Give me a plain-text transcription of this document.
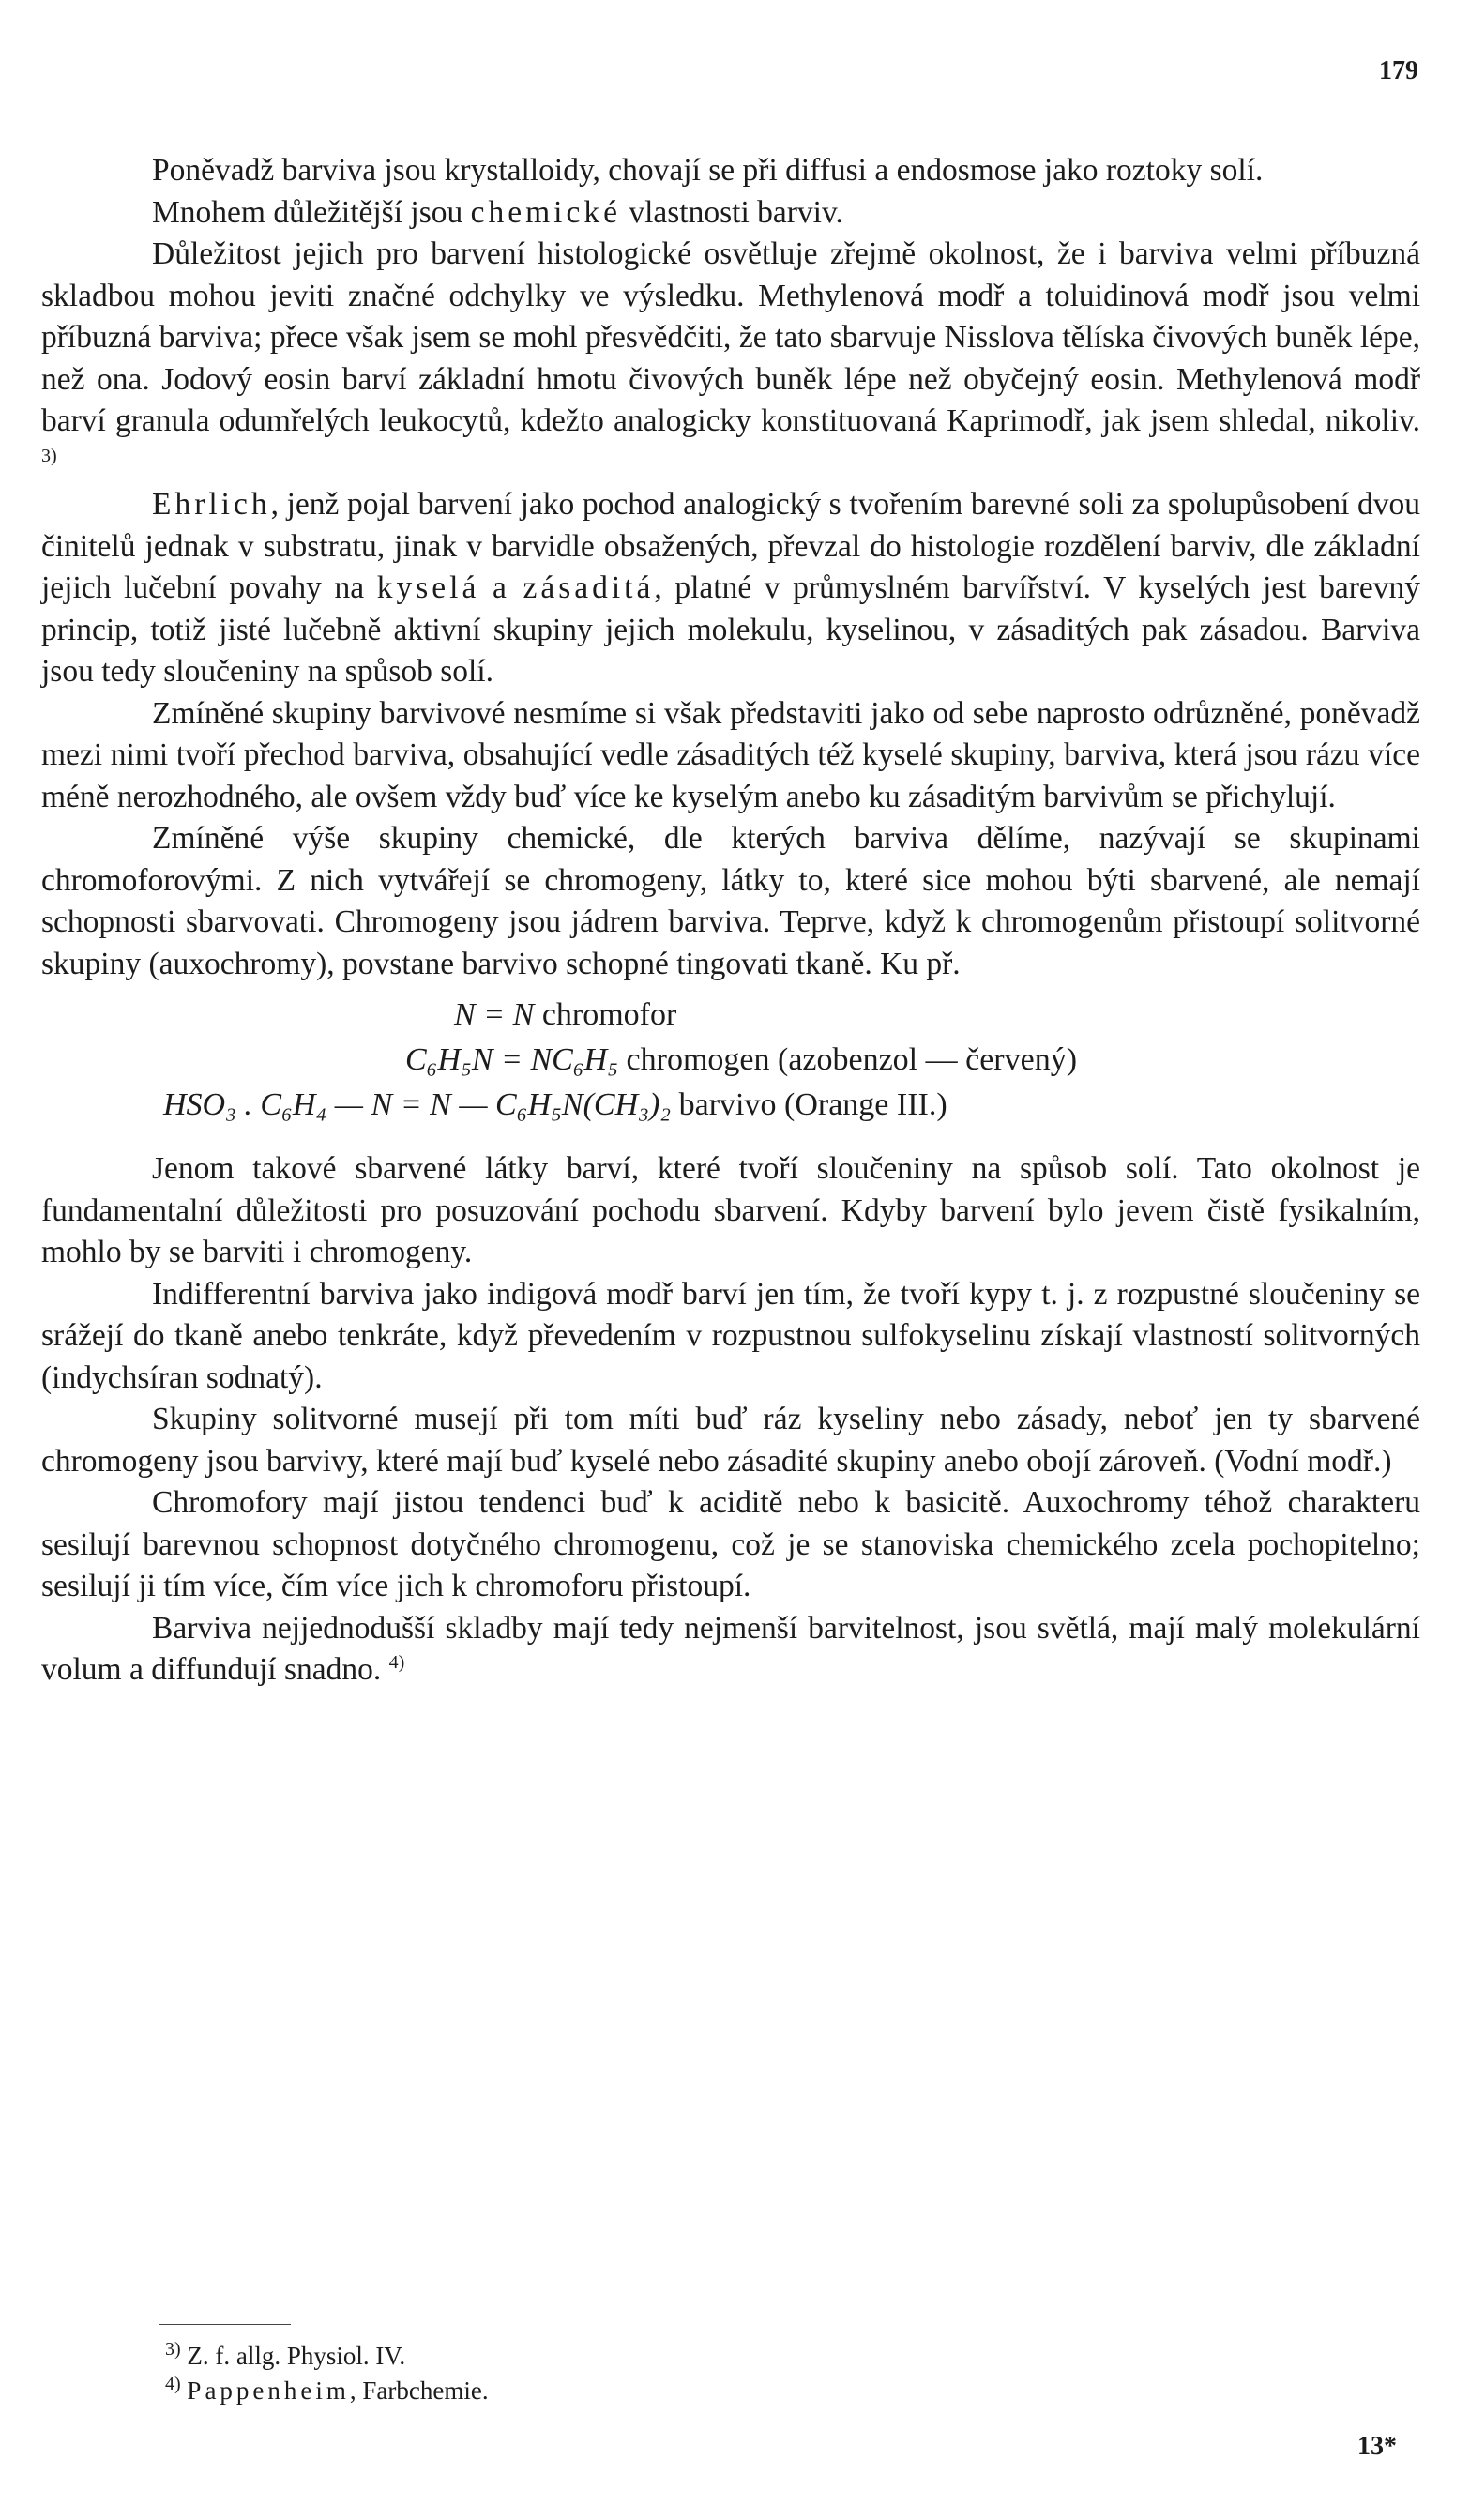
179

Poněvadž barviva jsou krystalloidy, chovají se při diffusi a endosmose jako roztoky solí.

Mnohem důležitější jsou chemické vlastnosti barviv.

Důležitost jejich pro barvení histologické osvětluje zřejmě okolnost, že i barviva velmi příbuzná skladbou mohou jeviti značné odchylky ve výsledku. Methylenová modř a toluidinová modř jsou velmi příbuzná barviva; přece však jsem se mohl přesvědčiti, že tato sbarvuje Nisslova tělíska čivových buněk lépe, než ona. Jodový eosin barví základní hmotu čivových buněk lépe než obyčejný eosin. Methylenová modř barví granula odumřelých leukocytů, kdežto analogicky konstituovaná Kaprimodř, jak jsem shledal, nikoliv. $^{3)}$

Ehrlich, jenž pojal barvení jako pochod analogický s tvořením barevné soli za spolupůsobení dvou činitelů jednak v substratu, jinak v barvidle obsažených, převzal do histologie rozdělení barviv, dle základní jejich lučební povahy na kyselá a zásaditá, platné v průmyslném barvířství. V kyselých jest barevný princip, totiž jisté lučebně aktivní skupiny jejich molekulu, kyselinou, v zásaditých pak zásadou. Barviva jsou tedy sloučeniny na spůsob solí.

Zmíněné skupiny barvivové nesmíme si však představiti jako od sebe naprosto odrůzněné, poněvadž mezi nimi tvoří přechod barviva, obsahující vedle zásaditých též kyselé skupiny, barviva, která jsou rázu více méně nerozhodného, ale ovšem vždy buď více ke kyselým anebo ku zásaditým barvivům se přichylují.

Zmíněné výše skupiny chemické, dle kterých barviva dělíme, nazývají se skupinami chromoforovými. Z nich vytvářejí se chromogeny, látky to, které sice mohou býti sbarvené, ale nemají schopnosti sbarvovati. Chromogeny jsou jádrem barviva. Teprve, když k chromogenům přistoupí solitvorné skupiny (auxochromy), povstane barvivo schopné tingovati tkaně. Ku př.

N = N chromofor
C₆H₅N = NC₆H₅ chromogen (azobenzol — červený)
HSO₃ . C₆H₄ — N = N — C₆H₅N(CH₃)₂ barvivo (Orange III.)

Jenom takové sbarvené látky barví, které tvoří sloučeniny na spůsob solí. Tato okolnost je fundamentalní důležitosti pro posuzování pochodu sbarvení. Kdyby barvení bylo jevem čistě fysikalním, mohlo by se barviti i chromogeny.

Indifferentní barviva jako indigová modř barví jen tím, že tvoří kypy t. j. z rozpustné sloučeniny se srážejí do tkaně anebo tenkráte, když převedením v rozpustnou sulfokyselinu získají vlastností solitvorných (indychsíran sodnatý).

Skupiny solitvorné musejí při tom míti buď ráz kyseliny nebo zásady, neboť jen ty sbarvené chromogeny jsou barvivy, které mají buď kyselé nebo zásadité skupiny anebo obojí zároveň. (Vodní modř.)

Chromofory mají jistou tendenci buď k aciditě nebo k basicitě. Auxochromy téhož charakteru sesilují barevnou schopnost dotyčného chromogenu, což je se stanoviska chemického zcela pochopitelno; sesilují ji tím více, čím více jich k chromoforu přistoupí.

Barviva nejjednodušší skladby mají tedy nejmenší barvitelnost, jsou světlá, mají malý molekulární volum a diffundují snadno. $^{4)}$

$^{3)}$ Z. f. allg. Physiol. IV.
$^{4)}$ Pappenheim, Farbchemie.
13*
